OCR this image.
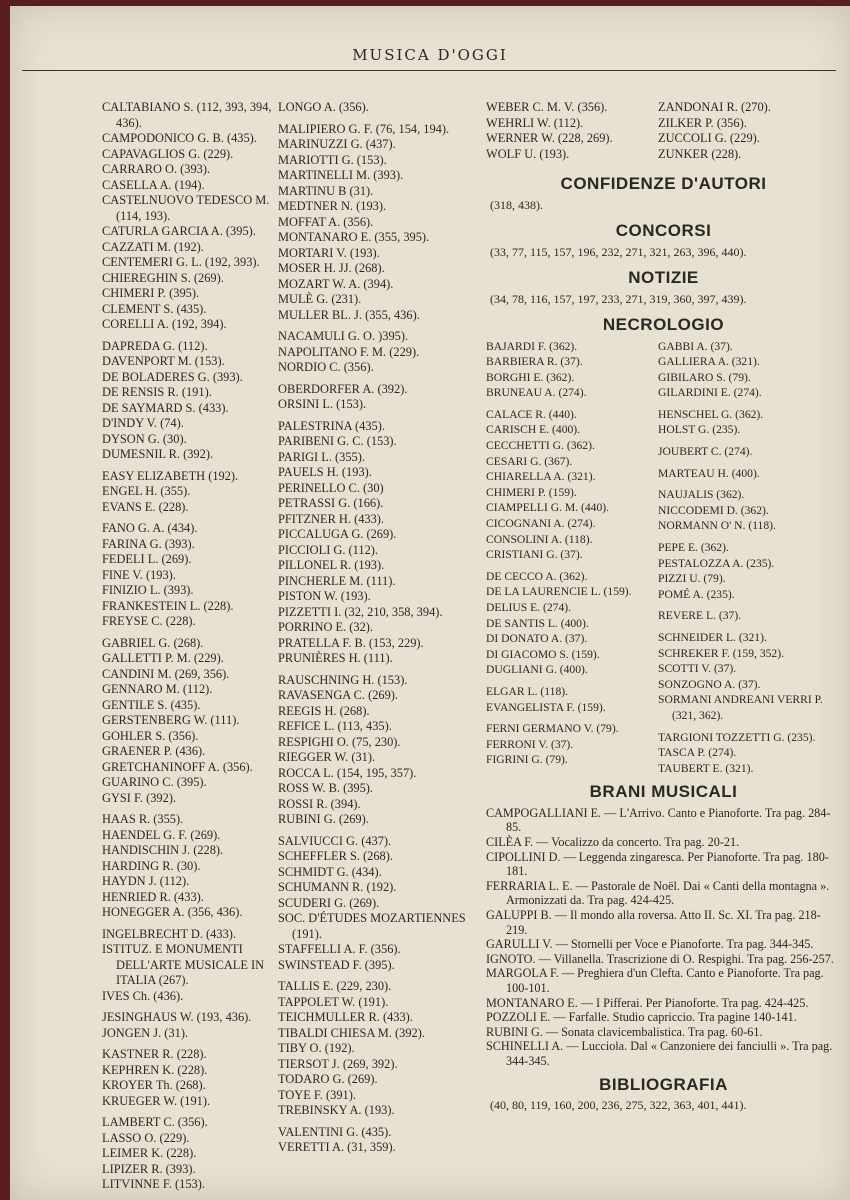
MUSICA D'OGGI
CALTABIANO S. (112, 393, 394, 436).
CAMPODONICO G. B. (435).
CAPAVAGLIOS G. (229).
CARRARO O. (393).
CASELLA A. (194).
CASTELNUOVO TEDESCO M. (114, 193).
CATURLA GARCIA A. (395).
CAZZATI M. (192).
CENTEMERI G. L. (192, 393).
CHIEREGHIN S. (269).
CHIMERI P. (395).
CLEMENT S. (435).
CORELLI A. (192, 394).
DAPREDA G. (112).
DAVENPORT M. (153).
DE BOLADERES G. (393).
DE RENSIS R. (191).
DE SAYMARD S. (433).
D'INDY V. (74).
DYSON G. (30).
DUMESNIL R. (392).
EASY ELIZABETH (192).
ENGEL H. (355).
EVANS E. (228).
FANO G. A. (434).
FARINA G. (393).
FEDELI L. (269).
FINE V. (193).
FINIZIO L. (393).
FRANKESTEIN L. (228).
FREYSE C. (228).
GABRIEL G. (268).
GALLETTI P. M. (229).
CANDINI M. (269, 356).
GENNARO M. (112).
GENTILE S. (435).
GERSTENBERG W. (111).
GOHLER S. (356).
GRAENER P. (436).
GRETCHANINOFF A. (356).
GUARINO C. (395).
GYSI F. (392).
HAAS R. (355).
HAENDEL G. F. (269).
HANDISCHIN J. (228).
HARDING R. (30).
HAYDN J. (112).
HENRIED R. (433).
HONEGGER A. (356, 436).
INGELBRECHT D. (433).
ISTITUZ. E MONUMENTI DELL'ARTE MUSICALE IN ITALIA (267).
IVES Ch. (436).
JESINGHAUS W. (193, 436).
JONGEN J. (31).
KASTNER R. (228).
KEPHREN K. (228).
KROYER Th. (268).
KRUEGER W. (191).
LAMBERT C. (356).
LASSO O. (229).
LEIMER K. (228).
LIPIZER R. (393).
LITVINNE F. (153).
LONGO A. (356).
MALIPIERO G. F. (76, 154, 194).
MARINUZZI G. (437).
MARIOTTI G. (153).
MARTINELLI M. (393).
MARTINU B (31).
MEDTNER N. (193).
MOFFAT A. (356).
MONTANARO E. (355, 395).
MORTARI V. (193).
MOSER H. JJ. (268).
MOZART W. A. (394).
MULÈ G. (231).
MULLER BL. J. (355, 436).
NACAMULI G. O. )395).
NAPOLITANO F. M. (229).
NORDIO C. (356).
OBERDORFER A. (392).
ORSINI L. (153).
PALESTRINA (435).
PARIBENI G. C. (153).
PARIGI L. (355).
PAUELS H. (193).
PERINELLO C. (30)
PETRASSI G. (166).
PFITZNER H. (433).
PICCALUGA G. (269).
PICCIOLI G. (112).
PILLONEL R. (193).
PINCHERLE M. (111).
PISTON W. (193).
PIZZETTI I. (32, 210, 358, 394).
PORRINO E. (32).
PRATELLA F. B. (153, 229).
PRUNIÈRES H. (111).
RAUSCHNING H. (153).
RAVASENGA C. (269).
REEGIS H. (268).
REFICE L. (113, 435).
RESPIGHI O. (75, 230).
RIEGGER W. (31).
ROCCA L. (154, 195, 357).
ROSS W. B. (395).
ROSSI R. (394).
RUBINI G. (269).
SALVIUCCI G. (437).
SCHEFFLER S. (268).
SCHMIDT G. (434).
SCHUMANN R. (192).
SCUDERI G. (269).
SOC. D'ÉTUDES MOZARTIENNES (191).
STAFFELLI A. F. (356).
SWINSTEAD F. (395).
TALLIS E. (229, 230).
TAPPOLET W. (191).
TEICHMULLER R. (433).
TIBALDI CHIESA M. (392).
TIBY O. (192).
TIERSOT J. (269, 392).
TODARO G. (269).
TOYE F. (391).
TREBINSKY A. (193).
VALENTINI G. (435).
VERETTI A. (31, 359).
WEBER C. M. V. (356).
WEHRLI W. (112).
WERNER W. (228, 269).
WOLF U. (193).
ZANDONAI R. (270).
ZILKER P. (356).
ZUCCOLI G. (229).
ZUNKER (228).
CONFIDENZE D'AUTORI
(318, 438).
CONCORSI
(33, 77, 115, 157, 196, 232, 271, 321, 263, 396, 440).
NOTIZIE
(34, 78, 116, 157, 197, 233, 271, 319, 360, 397, 439).
NECROLOGIO
BAJARDI F. (362).
BARBIERA R. (37).
BORGHI E. (362).
BRUNEAU A. (274).
CALACE R. (440).
CARISCH E. (400).
CECCHETTI G. (362).
CESARI G. (367).
CHIARELLA A. (321).
CHIMERI P. (159).
CIAMPELLI G. M. (440).
CICOGNANI A. (274).
CONSOLINI A. (118).
CRISTIANI G. (37).
DE CECCO A. (362).
DE LA LAURENCIE L. (159).
DELIUS E. (274).
DE SANTIS L. (400).
DI DONATO A. (37).
DI GIACOMO S. (159).
DUGLIANI G. (400).
ELGAR L. (118).
EVANGELISTA F. (159).
FERNI GERMANO V. (79).
FERRONI V. (37).
FIGRINI G. (79).
GABBI A. (37).
GALLIERA A. (321).
GIBILARO S. (79).
GILARDINI E. (274).
HENSCHEL G. (362).
HOLST G. (235).
JOUBERT C. (274).
MARTEAU H. (400).
NAUJALIS (362).
NICCODEMI D. (362).
NORMANN O' N. (118).
PEPE E. (362).
PESTALOZZA A. (235).
PIZZI U. (79).
POMÉ A. (235).
REVERE L. (37).
SCHNEIDER L. (321).
SCHREKER F. (159, 352).
SCOTTI V. (37).
SONZOGNO A. (37).
SORMANI ANDREANI VERRI P. (321, 362).
TARGIONI TOZZETTI G. (235).
TASCA P. (274).
TAUBERT E. (321).
BRANI MUSICALI
CAMPOGALLIANI E. — L'Arrivo. Canto e Pianoforte. Tra pag. 284-85.
CILÈA F. — Vocalizzo da concerto. Tra pag. 20-21.
CIPOLLINI D. — Leggenda zingaresca. Per Pianoforte. Tra pag. 180-181.
FERRARIA L. E. — Pastorale de Noël. Dai « Canti della montagna ». Armonizzati da. Tra pag. 424-425.
GALUPPI B. — Il mondo alla roversa. Atto II. Sc. XI. Tra pag. 218-219.
GARULLI V. — Stornelli per Voce e Pianoforte. Tra pag. 344-345.
IGNOTO. — Villanella. Trascrizione di O. Respighi. Tra pag. 256-257.
MARGOLA F. — Preghiera d'un Clefta. Canto e Pianoforte. Tra pag. 100-101.
MONTANARO E. — I Pifferai. Per Pianoforte. Tra pag. 424-425.
POZZOLI E. — Farfalle. Studio capriccio. Tra pagine 140-141.
RUBINI G. — Sonata clavicembalistica. Tra pag. 60-61.
SCHINELLI A. — Lucciola. Dal « Canzoniere dei fanciulli ». Tra pag. 344-345.
BIBLIOGRAFIA
(40, 80, 119, 160, 200, 236, 275, 322, 363, 401, 441).
